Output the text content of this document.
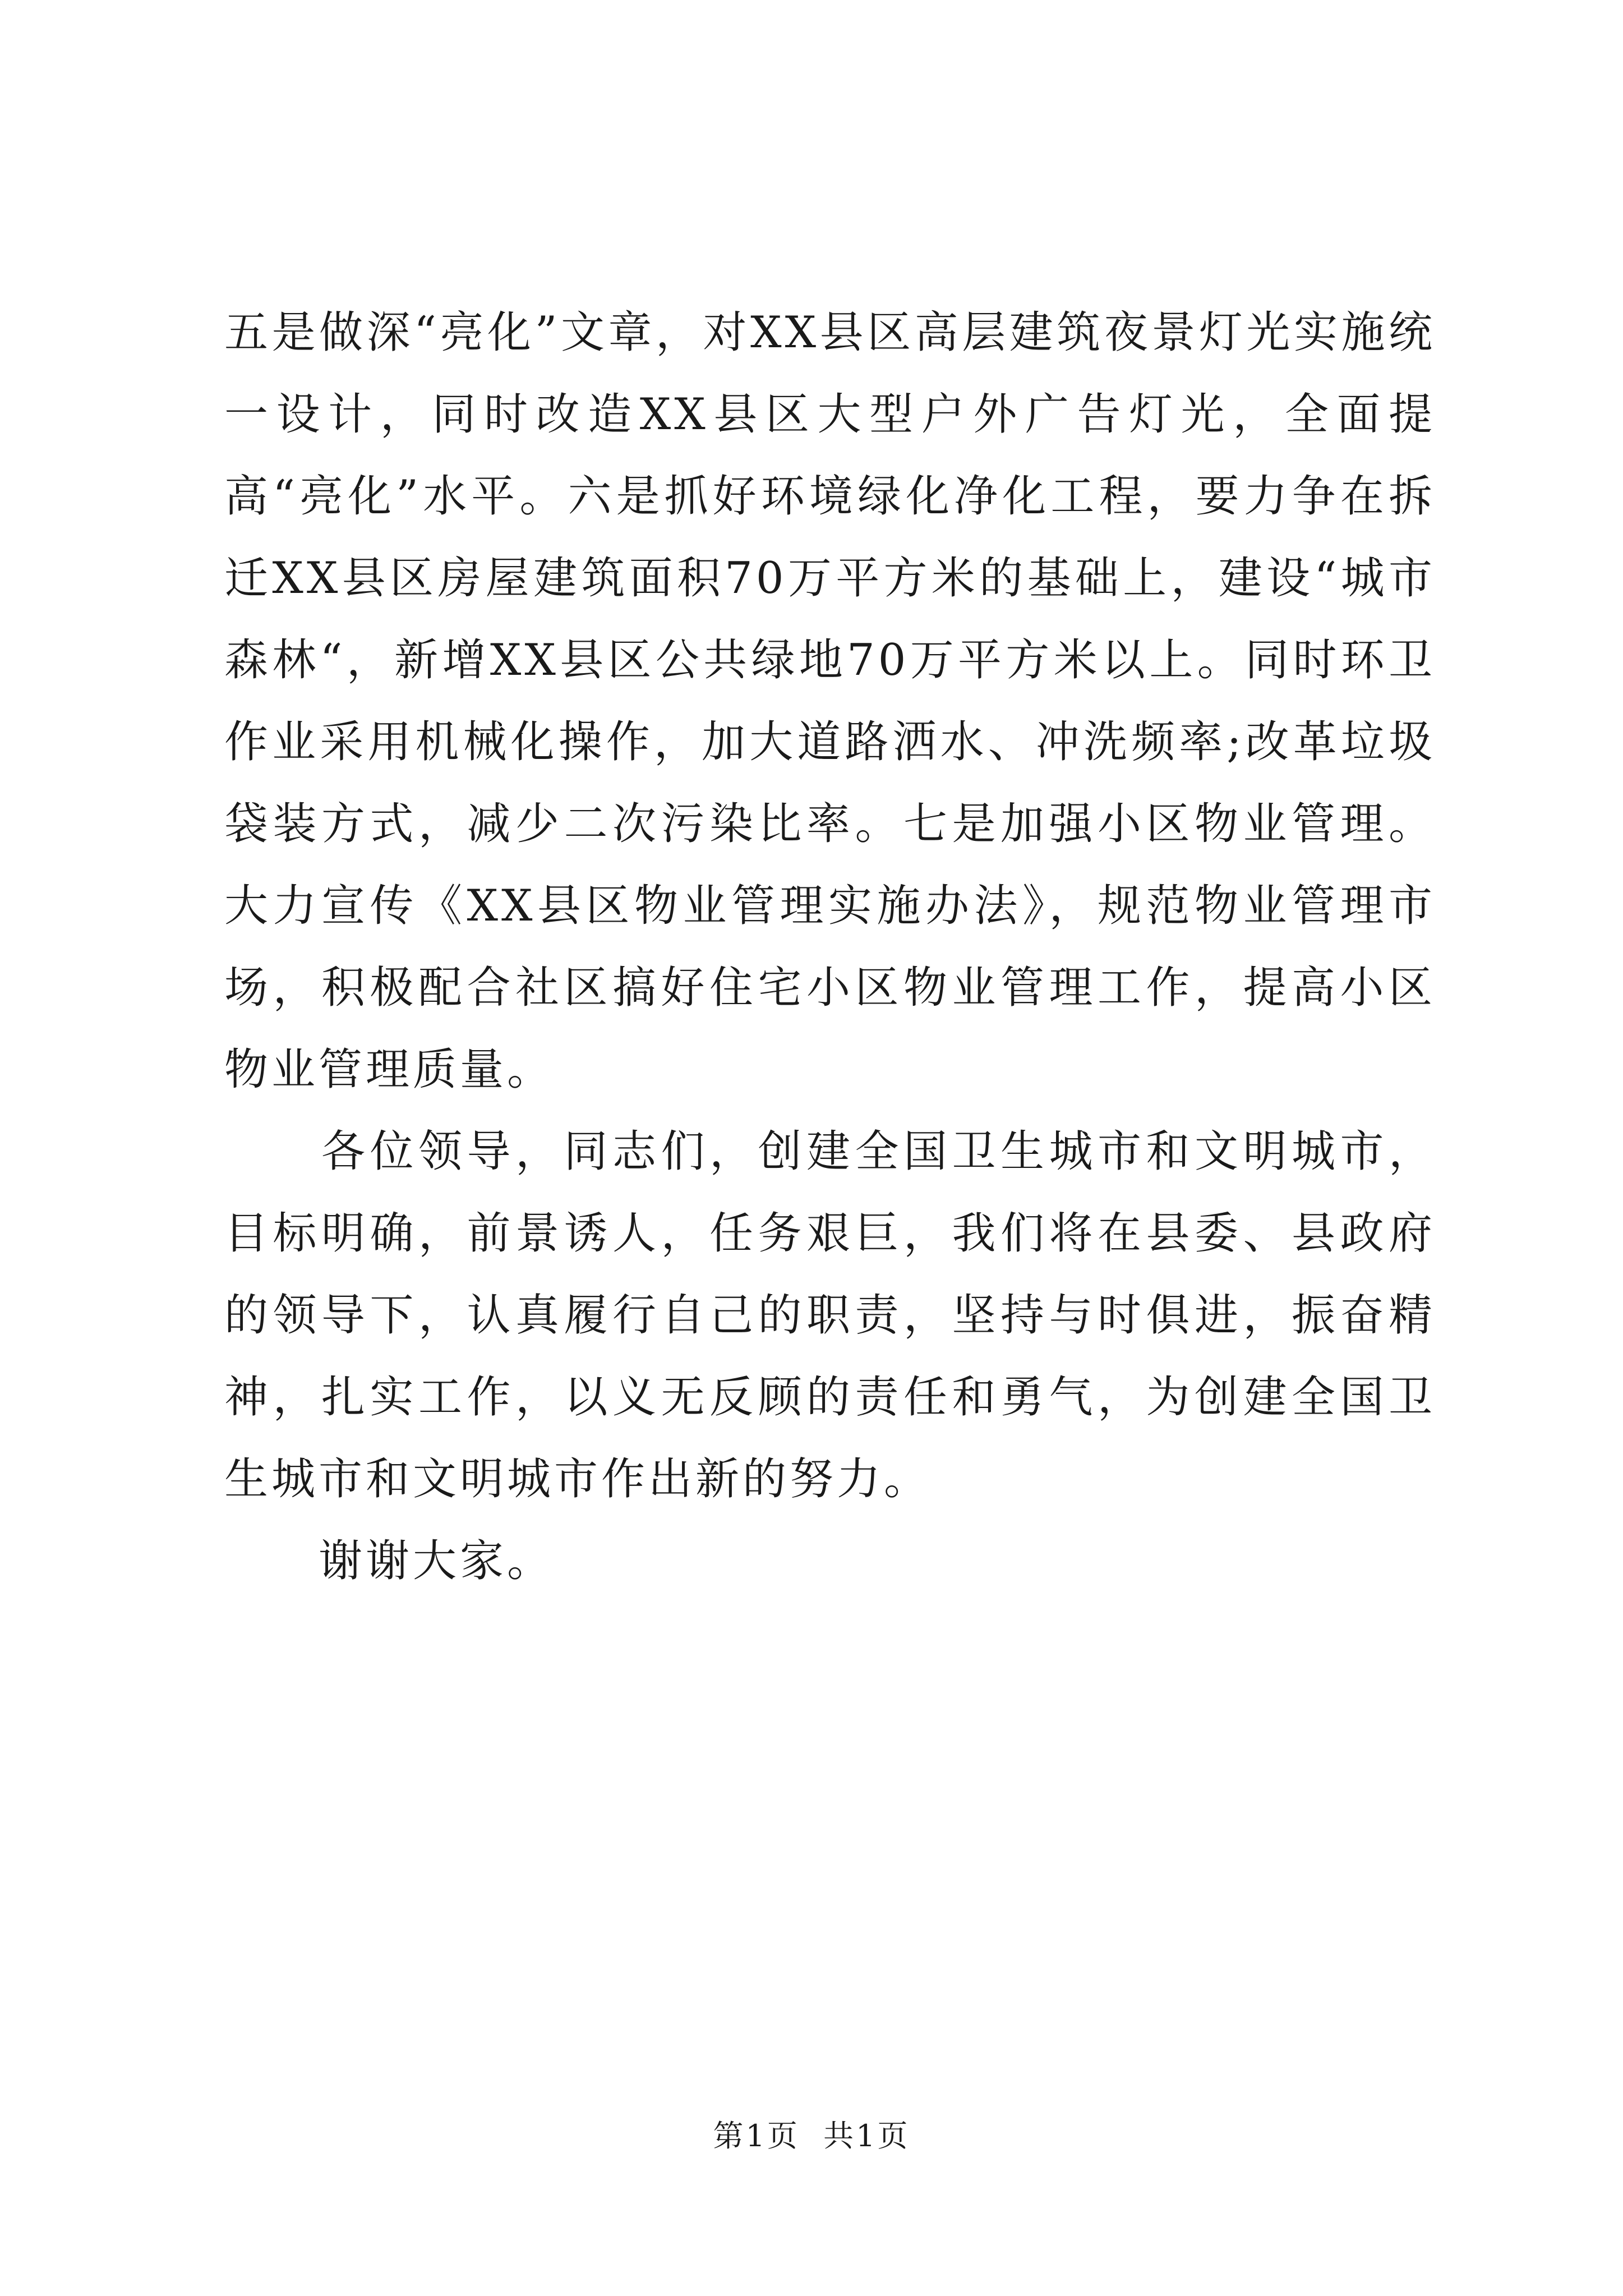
五是做深“亮化”文章，对XX县区高层建筑夜景灯光实施统一设计，同时改造XX县区大型户外广告灯光，全面提高“亮化”水平。六是抓好环境绿化净化工程，要力争在拆迁XX县区房屋建筑面积70万平方米的基础上，建设“城市森林“，新增XX县区公共绿地70万平方米以上。同时环卫作业采用机械化操作，加大道路洒水、冲洗频率;改革垃圾袋装方式，减少二次污染比率。七是加强小区物业管理。大力宣传《XX县区物业管理实施办法》，规范物业管理市场，积极配合社区搞好住宅小区物业管理工作，提高小区物业管理质量。

　　各位领导，同志们，创建全国卫生城市和文明城市，目标明确，前景诱人，任务艰巨，我们将在县委、县政府的领导下，认真履行自己的职责，坚持与时俱进，振奋精神，扎实工作，以义无反顾的责任和勇气，为创建全国卫生城市和文明城市作出新的努力。

　　谢谢大家。

第1页  共1页
